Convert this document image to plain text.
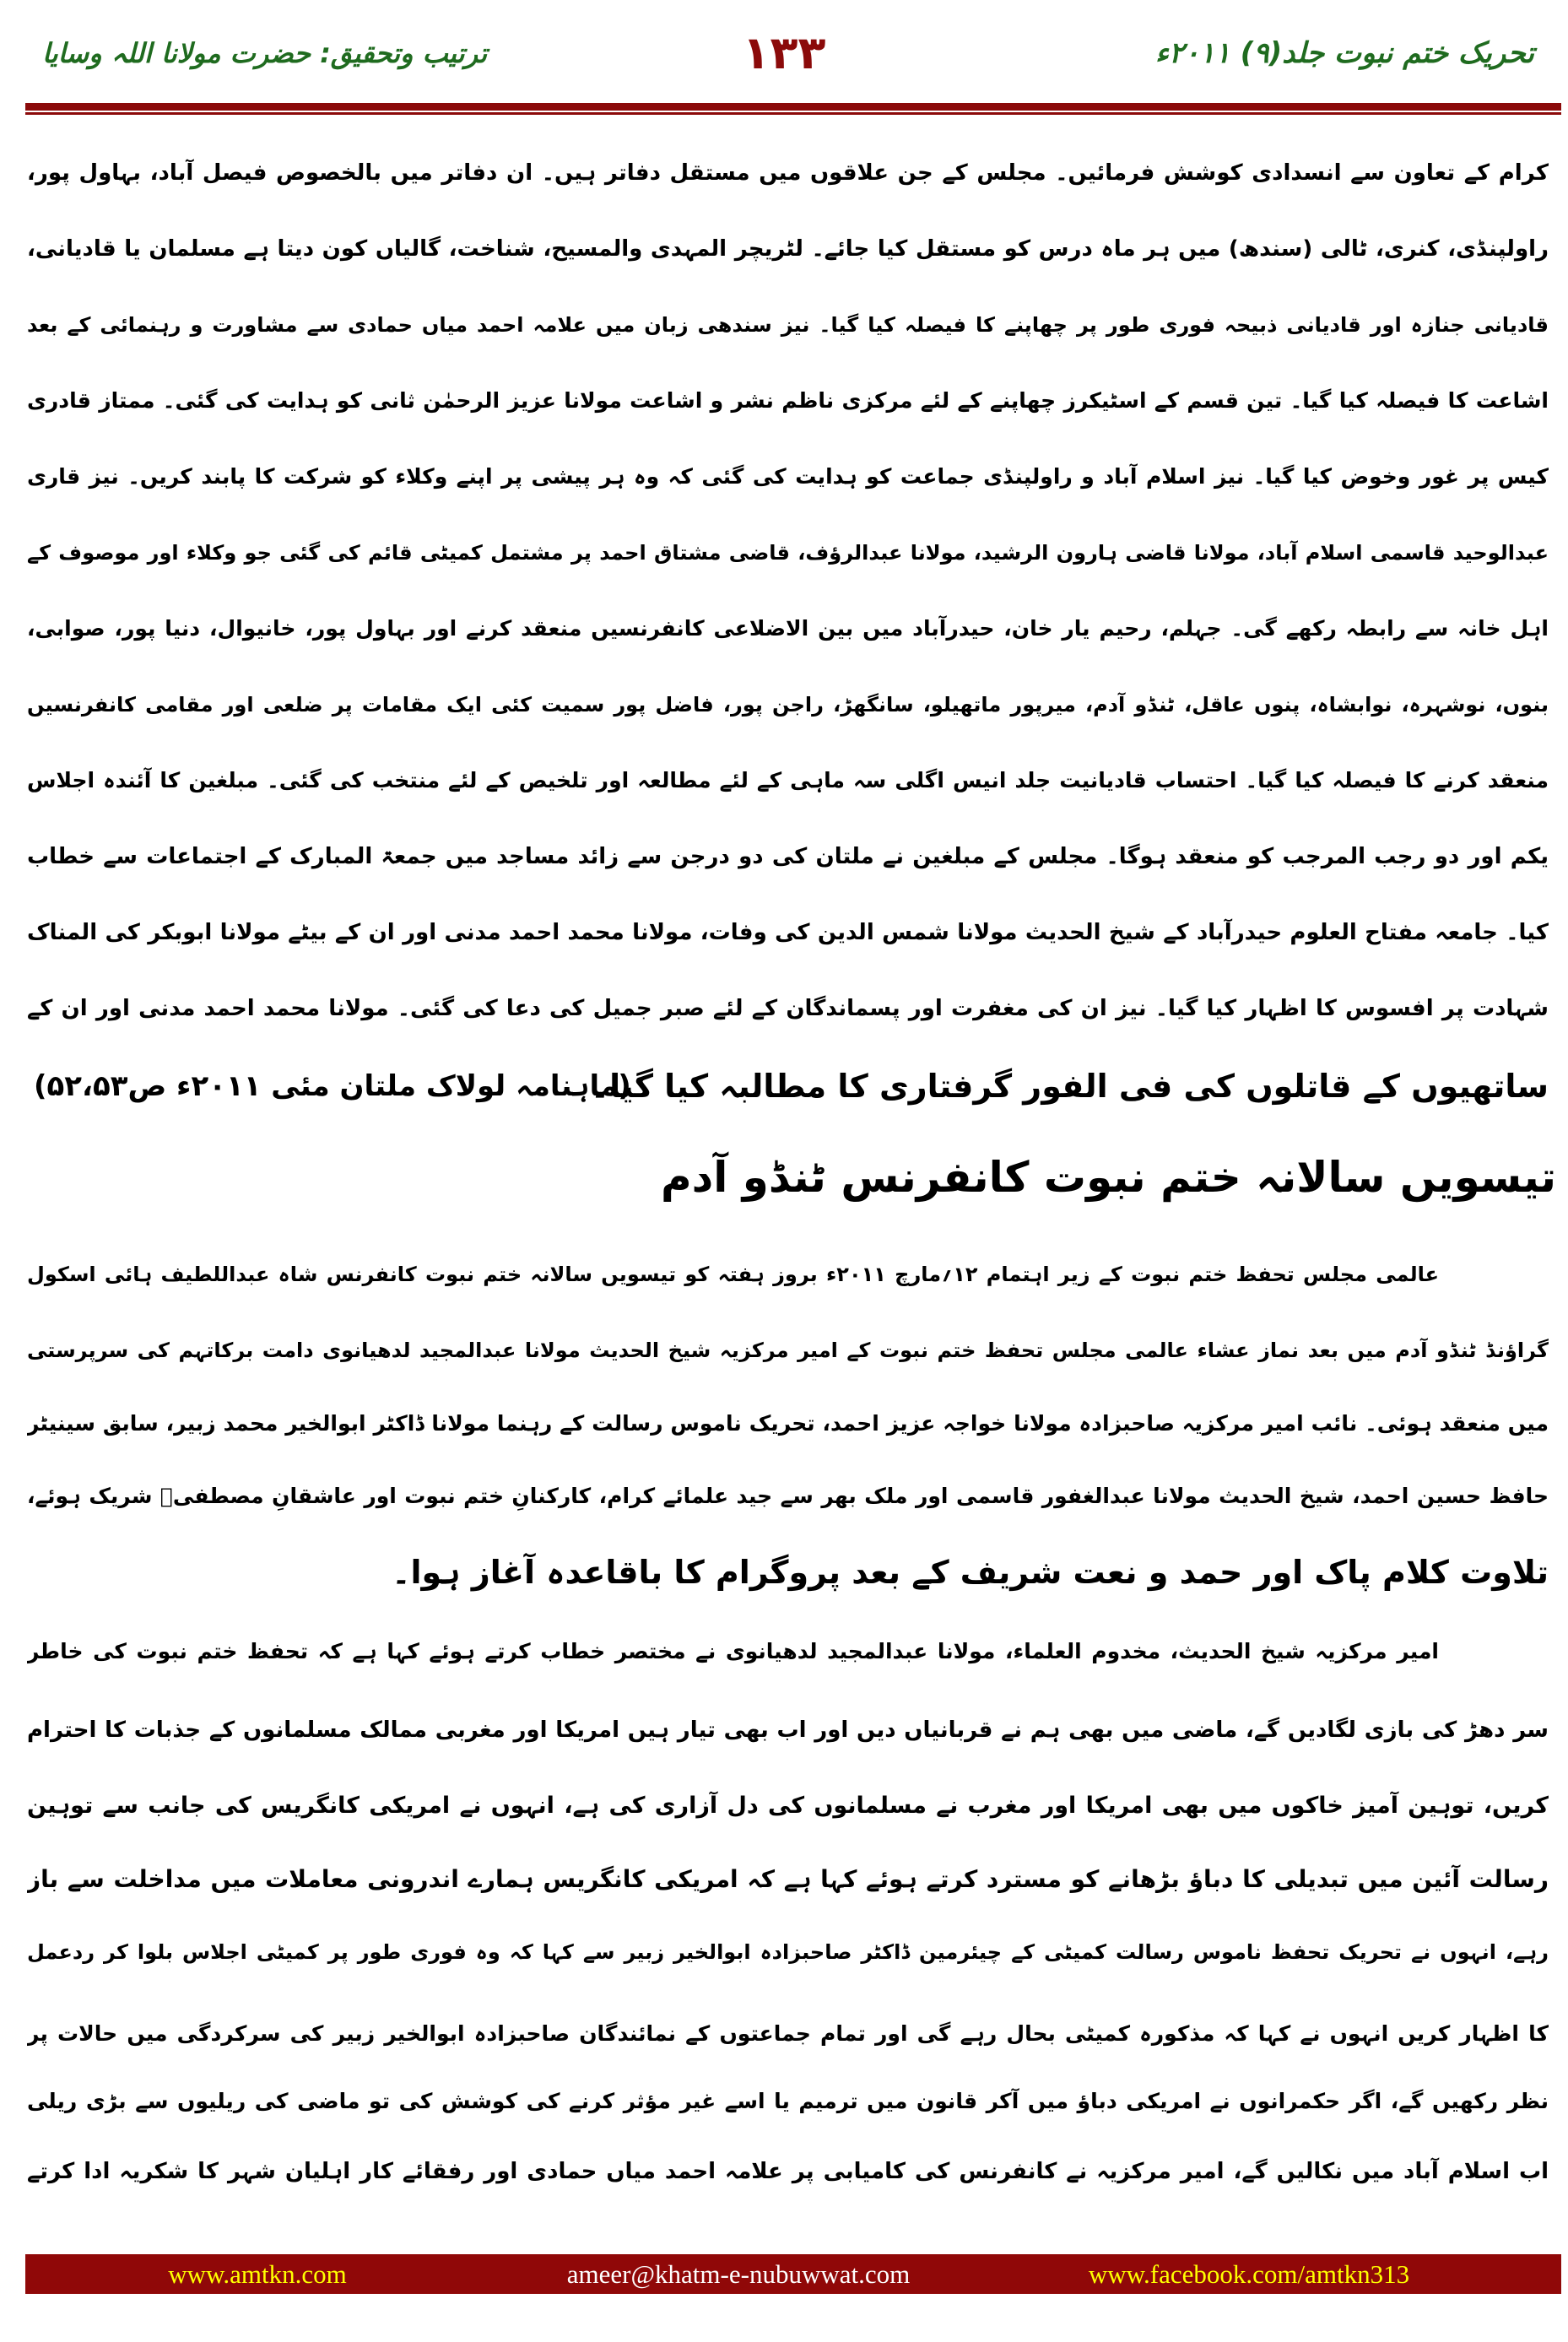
تحریک ختم نبوت جلد(۹) ۲۰۱۱ء
۱۳۳
ترتیب وتحقیق: حضرت مولانا اللہ وسایا
کرام کے تعاون سے انسدادی کوشش فرمائیں۔ مجلس کے جن علاقوں میں مستقل دفاتر ہیں۔ ان دفاتر میں بالخصوص فیصل آباد، بہاول پور،
راولپنڈی، کنری، ٹالی (سندھ) میں ہر ماہ درس کو مستقل کیا جائے۔ لٹریچر المہدی والمسیح، شناخت، گالیاں کون دیتا ہے مسلمان یا قادیانی،
قادیانی جنازہ اور قادیانی ذبیحہ فوری طور پر چھاپنے کا فیصلہ کیا گیا۔ نیز سندھی زبان میں علامہ احمد میاں حمادی سے مشاورت و رہنمائی کے بعد
اشاعت کا فیصلہ کیا گیا۔ تین قسم کے اسٹیکرز چھاپنے کے لئے مرکزی ناظم نشر و اشاعت مولانا عزیز الرحمٰن ثانی کو ہدایت کی گئی۔ ممتاز قادری
کیس پر غور وخوض کیا گیا۔ نیز اسلام آباد و راولپنڈی جماعت کو ہدایت کی گئی کہ وہ ہر پیشی پر اپنے وکلاء کو شرکت کا پابند کریں۔ نیز قاری
عبدالوحید قاسمی اسلام آباد، مولانا قاضی ہارون الرشید، مولانا عبدالرؤف، قاضی مشتاق احمد پر مشتمل کمیٹی قائم کی گئی جو وکلاء اور موصوف کے
اہل خانہ سے رابطہ رکھے گی۔ جہلم، رحیم یار خان، حیدرآباد میں بین الاضلاعی کانفرنسیں منعقد کرنے اور بہاول پور، خانیوال، دنیا پور، صوابی،
بنوں، نوشہرہ، نوابشاہ، پنوں عاقل، ٹنڈو آدم، میرپور ماتھیلو، سانگھڑ، راجن پور، فاضل پور سمیت کئی ایک مقامات پر ضلعی اور مقامی کانفرنسیں
منعقد کرنے کا فیصلہ کیا گیا۔ احتساب قادیانیت جلد انیس اگلی سہ ماہی کے لئے مطالعہ اور تلخیص کے لئے منتخب کی گئی۔ مبلغین کا آئندہ اجلاس
یکم اور دو رجب المرجب کو منعقد ہوگا۔ مجلس کے مبلغین نے ملتان کی دو درجن سے زائد مساجد میں جمعۃ المبارک کے اجتماعات سے خطاب
کیا۔ جامعہ مفتاح العلوم حیدرآباد کے شیخ الحدیث مولانا شمس الدین کی وفات، مولانا محمد احمد مدنی اور ان کے بیٹے مولانا ابوبکر کی المناک
شہادت پر افسوس کا اظہار کیا گیا۔ نیز ان کی مغفرت اور پسماندگان کے لئے صبر جمیل کی دعا کی گئی۔ مولانا محمد احمد مدنی اور ان کے
ساتھیوں کے قاتلوں کی فی الفور گرفتاری کا مطالبہ کیا گیا۔
(ماہنامہ لولاک ملتان مئی ۲۰۱۱ء ص۵۲،۵۳)
تیسویں سالانہ ختم نبوت کانفرنس ٹنڈو آدم
عالمی مجلس تحفظ ختم نبوت کے زیر اہتمام ۱۲؍مارچ ۲۰۱۱ء بروز ہفتہ کو تیسویں سالانہ ختم نبوت کانفرنس شاہ عبداللطیف ہائی اسکول
گراؤنڈ ٹنڈو آدم میں بعد نماز عشاء عالمی مجلس تحفظ ختم نبوت کے امیر مرکزیہ شیخ الحدیث مولانا عبدالمجید لدھیانوی دامت برکاتہم کی سرپرستی
میں منعقد ہوئی۔ نائب امیر مرکزیہ صاحبزادہ مولانا خواجہ عزیز احمد، تحریک ناموس رسالت کے رہنما مولانا ڈاکٹر ابوالخیر محمد زبیر، سابق سینیٹر
حافظ حسین احمد، شیخ الحدیث مولانا عبدالغفور قاسمی اور ملک بھر سے جید علمائے کرام، کارکنانِ ختم نبوت اور عاشقانِ مصطفیؐ شریک ہوئے،
تلاوت کلام پاک اور حمد و نعت شریف کے بعد پروگرام کا باقاعدہ آغاز ہوا۔
امیر مرکزیہ شیخ الحدیث، مخدوم العلماء، مولانا عبدالمجید لدھیانوی نے مختصر خطاب کرتے ہوئے کہا ہے کہ تحفظ ختم نبوت کی خاطر
سر دھڑ کی بازی لگادیں گے، ماضی میں بھی ہم نے قربانیاں دیں اور اب بھی تیار ہیں امریکا اور مغربی ممالک مسلمانوں کے جذبات کا احترام
کریں، توہین آمیز خاکوں میں بھی امریکا اور مغرب نے مسلمانوں کی دل آزاری کی ہے، انہوں نے امریکی کانگریس کی جانب سے توہین
رسالت آئین میں تبدیلی کا دباؤ بڑھانے کو مسترد کرتے ہوئے کہا ہے کہ امریکی کانگریس ہمارے اندرونی معاملات میں مداخلت سے باز
رہے، انہوں نے تحریک تحفظ ناموس رسالت کمیٹی کے چیئرمین ڈاکٹر صاحبزادہ ابوالخیر زبیر سے کہا کہ وہ فوری طور پر کمیٹی اجلاس بلوا کر ردعمل
کا اظہار کریں انہوں نے کہا کہ مذکورہ کمیٹی بحال رہے گی اور تمام جماعتوں کے نمائندگان صاحبزادہ ابوالخیر زبیر کی سرکردگی میں حالات پر
نظر رکھیں گے، اگر حکمرانوں نے امریکی دباؤ میں آکر قانون میں ترمیم یا اسے غیر مؤثر کرنے کی کوشش کی تو ماضی کی ریلیوں سے بڑی ریلی
اب اسلام آباد میں نکالیں گے، امیر مرکزیہ نے کانفرنس کی کامیابی پر علامہ احمد میاں حمادی اور رفقائے کار اہلیان شہر کا شکریہ ادا کرتے
www.amtkn.com	ameer@khatm-e-nubuwwat.com	www.facebook.com/amtkn313
